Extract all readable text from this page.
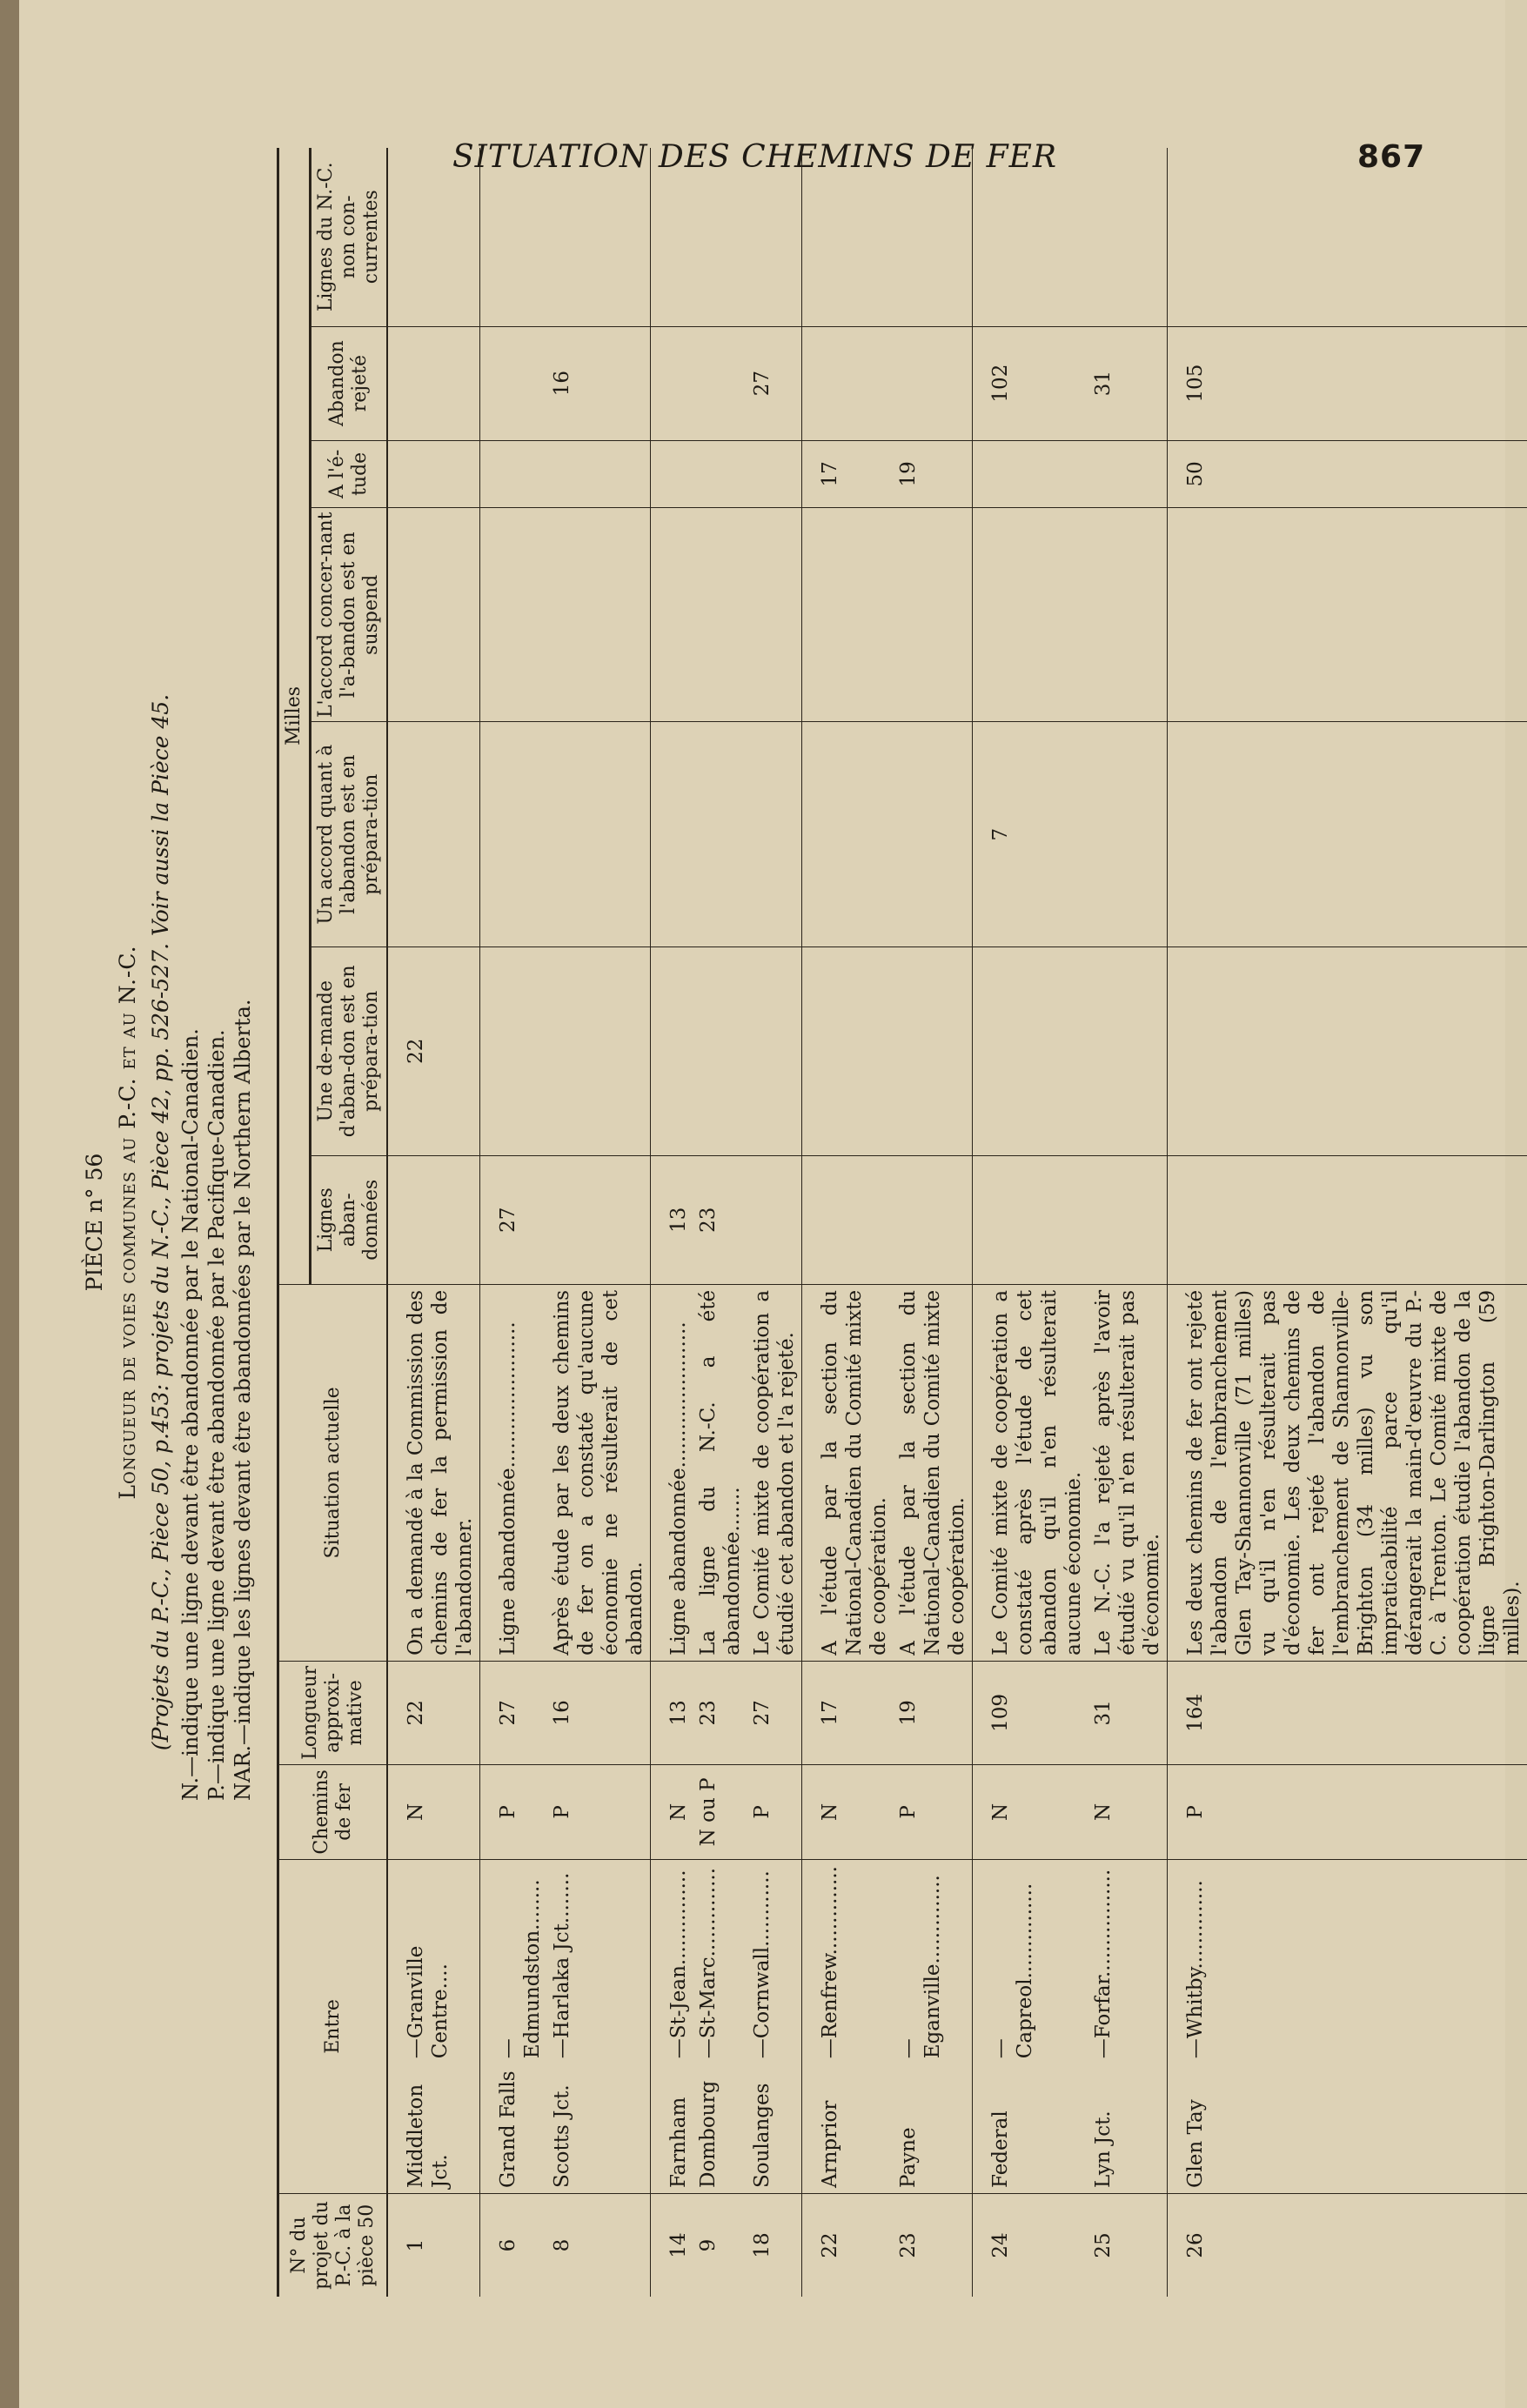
SITUATION DES CHEMINS DE FER	867
PIÈCE n° 56 Longueur de voies communes au P.-C. et au N.-C. (Projets du P.-C., Pièce 50, p.453: projets du N.-C., Pièce 42, pp. 526-527. Voir aussi la Pièce 45. N.—indique une ligne devant être abandonnée par le National-Canadien. P.—indique une ligne devant être abandonnée par le Pacifique-Canadien. NAR.—indique les lignes devant être abandonnées par le Northern Alberta.
N° du projet du P.-C. à la pièce 50	Entre		Chemins de fer	Longueur approxi-mative	Situation actuelle	Milles						
						Lignes aban-données	Une de-mande d'aban-don est en prépara-tion	Un accord quant à l'abandon est en prépara-tion	L'accord concer-nant l'a-bandon est en suspend	A l'é-tude	Abandon rejeté	Lignes du N.-C. non con-currentes
1	Middleton Jct.	—Granville Centre....	N	22	On a demandé à la Commission des chemins de fer la permission de l'abandonner.		22					
6	Grand Falls	—Edmundston........	P	27	Ligne abandonnée.......................	27						
8	Scotts Jct.	—Harlaka Jct........	P	16	Après étude par les deux chemins de fer on a constaté qu'aucune économie ne résulterait de cet abandon.						16	
14	Farnham	—St-Jean...............	N	13	Ligne abandonnée.......................	13						
9	Dombourg	—St-Marc..............	N ou P	23	La ligne du N.-C. a été abandonnée.......	23						
18	Soulanges	—Cornwall............	P	27	Le Comité mixte de coopération a étudié cet abandon et l'a rejeté.						27	
22	Arnprior	—Renfrew..............	N	17	A l'étude par la section du National-Canadien du Comité mixte de coopération.					17		
23	Payne	—Eganville..............	P	19	A l'étude par la section du National-Canadien du Comité mixte de coopération.					19		
24	Federal	—Capreol...............	N	109	Le Comité mixte de coopération a constaté après l'étude de cet abandon qu'il n'en résulterait aucune économie.			7			102	
25	Lyn Jct.	—Forfar.................	N	31	Le N.-C. l'a rejeté après l'avoir étudié vu qu'il n'en résulterait pas d'économie.						31	
26	Glen Tay	—Whitby..............	P	164	Les deux chemins de fer ont rejeté l'abandon de l'embranchement Glen Tay-Shannonville (71 milles) vu qu'il n'en résulterait pas d'économie. Les deux chemins de fer ont rejeté l'abandon de l'embranchement de Shannonville-Brighton (34 milles) vu son impraticabilité parce qu'il dérangerait la main-d'œuvre du P.-C. à Trenton. Le Comité mixte de coopération étudie l'abandon de la ligne Brighton-Darlington (59 milles).					50	105	
